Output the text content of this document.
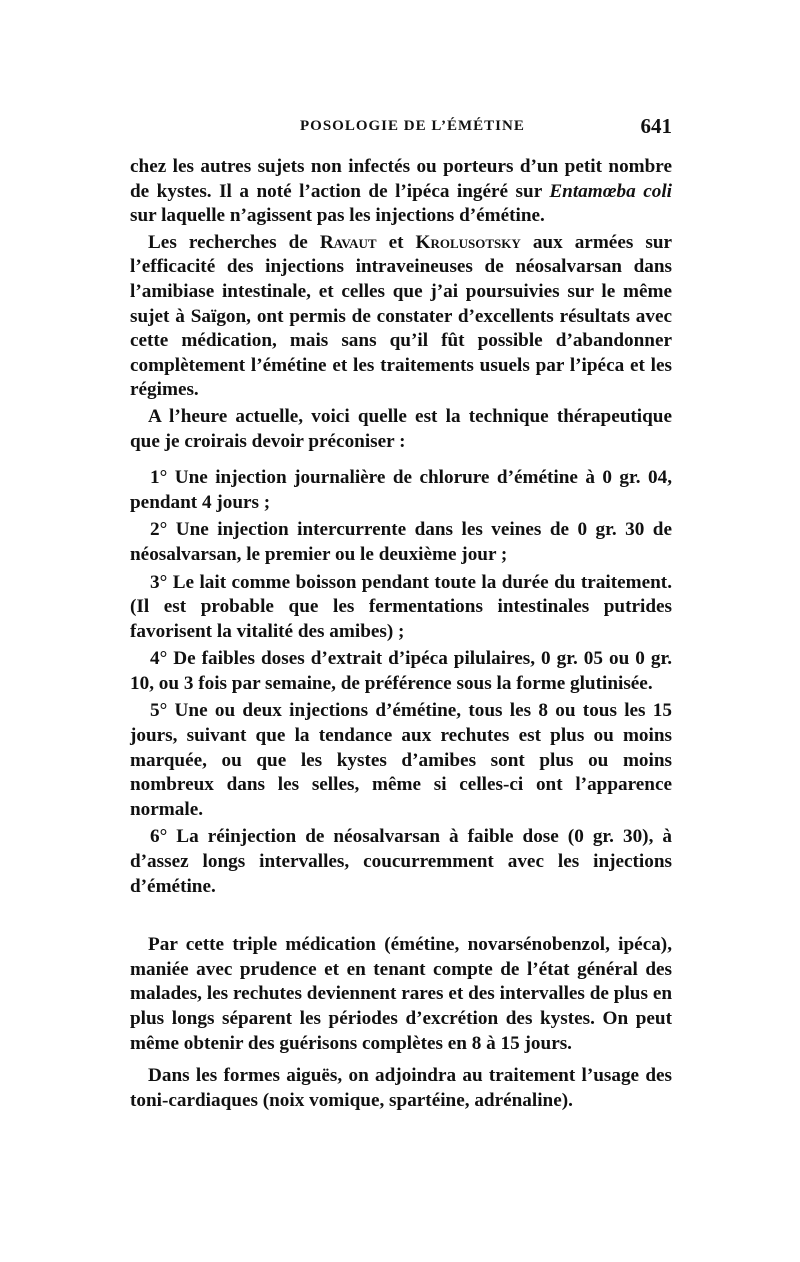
POSOLOGIE DE L’ÉMÉTINE	641

chez les autres sujets non infectés ou porteurs d’un petit nombre de kystes. Il a noté l’action de l’ipéca ingéré sur Entamœba coli sur laquelle n’agissent pas les injections d’émétine.

Les recherches de Ravaut et Krolusotsky aux armées sur l’efficacité des injections intraveineuses de néosalvarsan dans l’amibiase intestinale, et celles que j’ai poursuivies sur le même sujet à Saïgon, ont permis de constater d’excellents résultats avec cette médication, mais sans qu’il fût possible d’abandonner complètement l’émétine et les traitements usuels par l’ipéca et les régimes.

A l’heure actuelle, voici quelle est la technique thérapeutique que je croirais devoir préconiser :

1° Une injection journalière de chlorure d’émétine à 0 gr. 04, pendant 4 jours ;

2° Une injection intercurrente dans les veines de 0 gr. 30 de néosalvarsan, le premier ou le deuxième jour ;

3° Le lait comme boisson pendant toute la durée du traitement. (Il est probable que les fermentations intestinales putrides favorisent la vitalité des amibes) ;

4° De faibles doses d’extrait d’ipéca pilulaires, 0 gr. 05 ou 0 gr. 10, ou 3 fois par semaine, de préférence sous la forme glutinisée.

5° Une ou deux injections d’émétine, tous les 8 ou tous les 15 jours, suivant que la tendance aux rechutes est plus ou moins marquée, ou que les kystes d’amibes sont plus ou moins nombreux dans les selles, même si celles-ci ont l’apparence normale.

6° La réinjection de néosalvarsan à faible dose (0 gr. 30), à d’assez longs intervalles, coucurremment avec les injections d’émétine.

Par cette triple médication (émétine, novarsénobenzol, ipéca), maniée avec prudence et en tenant compte de l’état général des malades, les rechutes deviennent rares et des intervalles de plus en plus longs séparent les périodes d’excrétion des kystes. On peut même obtenir des guérisons complètes en 8 à 15 jours.

Dans les formes aiguës, on adjoindra au traitement l’usage des toni-cardiaques (noix vomique, spartéine, adrénaline).
